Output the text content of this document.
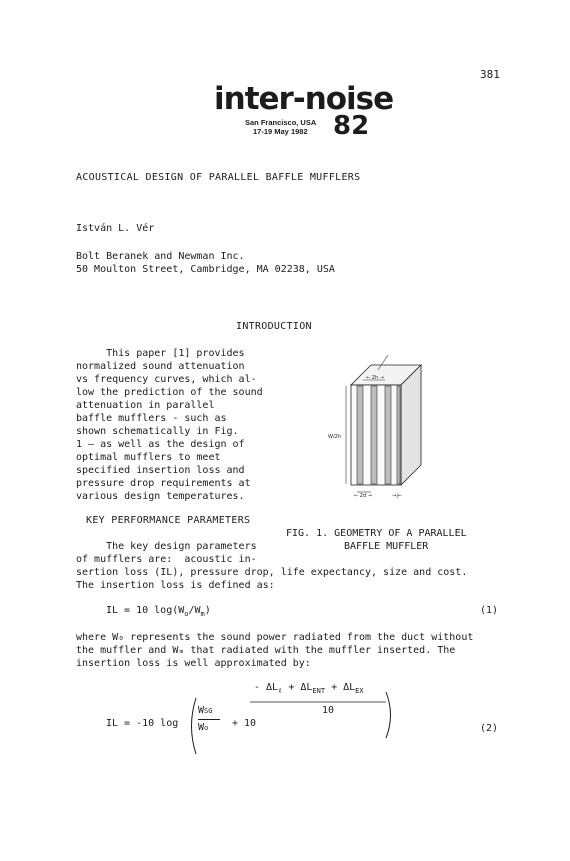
381
inter-noise
San Francisco, USA
17-19 May 1982 82
ACOUSTICAL DESIGN OF PARALLEL BAFFLE MUFFLERS
István L. Vér
Bolt Beranek and Newman Inc.
50 Moulton Street, Cambridge, MA 02238, USA
INTRODUCTION
This paper [1] provides
normalized sound attenuation
vs frequency curves, which al-
low the prediction of the sound
attenuation in parallel
baffle mufflers - such as
shown schematically in Fig.
1 — as well as the design of
optimal mufflers to meet
specified insertion loss and
pressure drop requirements at
various design temperatures.
← 2h →
W/2h
← 2d →	→|←
KEY PERFORMANCE PARAMETERS
FIG. 1. GEOMETRY OF A PARALLEL
BAFFLE MUFFLER
The key design parameters
of mufflers are:  acoustic in-
sertion loss (IL), pressure drop, life expectancy, size and cost.
The insertion loss is defined as:
IL = 10 $\log(W_o/W_m)$	(1)
where W₀ represents the sound power radiated from the duct without
the muffler and Wₘ that radiated with the muffler inserted. The
insertion loss is well approximated by:
- $\Delta L_\ell + \Delta L_{ENT} + \Delta L_{EX}$
10
IL = -10 log
WSG
Wo	+ 10	(2)
